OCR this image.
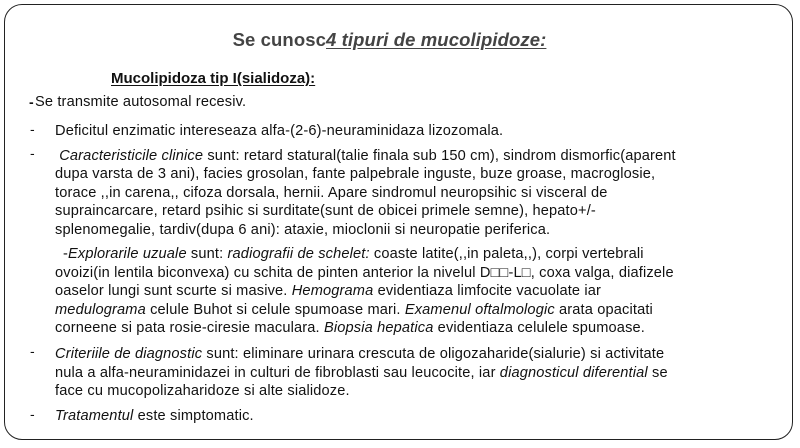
Se cunosc4 tipuri de mucolipidoze:
Mucolipidoza tip I(sialidoza):
- Se transmite autosomal recesiv.
- Deficitul enzimatic intereseaza alfa-(2-6)-neuraminidaza lizozomala.
- Caracteristicile clinice sunt: retard statural(talie finala sub 150 cm), sindrom dismorfic(aparent
dupa varsta de 3 ani), facies grosolan, fante palpebrale inguste, buze groase, macroglosie,
torace ,,in carena,, cifoza dorsala, hernii. Apare sindromul neuropsihic si visceral de
supraincarcare, retard psihic si surditate(sunt de obicei primele semne), hepato+/-
splenomegalie, tardiv(dupa 6 ani): ataxie, mioclonii si neuropatie periferica.
-Explorarile uzuale sunt: radiografii de schelet: coaste latite(,,in paleta,,), corpi vertebrali
ovoizi(in lentila biconvexa) cu schita de pinten anterior la nivelul D□□-L□, coxa valga, diafizele
oaselor lungi sunt scurte si masive. Hemograma evidentiaza limfocite vacuolate iar
medulograma celule Buhot si celule spumoase mari. Examenul oftalmologic arata opacitati
corneene si pata rosie-ciresie maculara. Biopsia hepatica evidentiaza celulele spumoase.
- Criteriile de diagnostic sunt: eliminare urinara crescuta de oligozaharide(sialurie) si activitate
nula a alfa-neuraminidazei in culturi de fibroblasti sau leucocite, iar diagnosticul diferential se
face cu mucopolizaharidoze si alte sialidoze.
- Tratamentul este simptomatic.
